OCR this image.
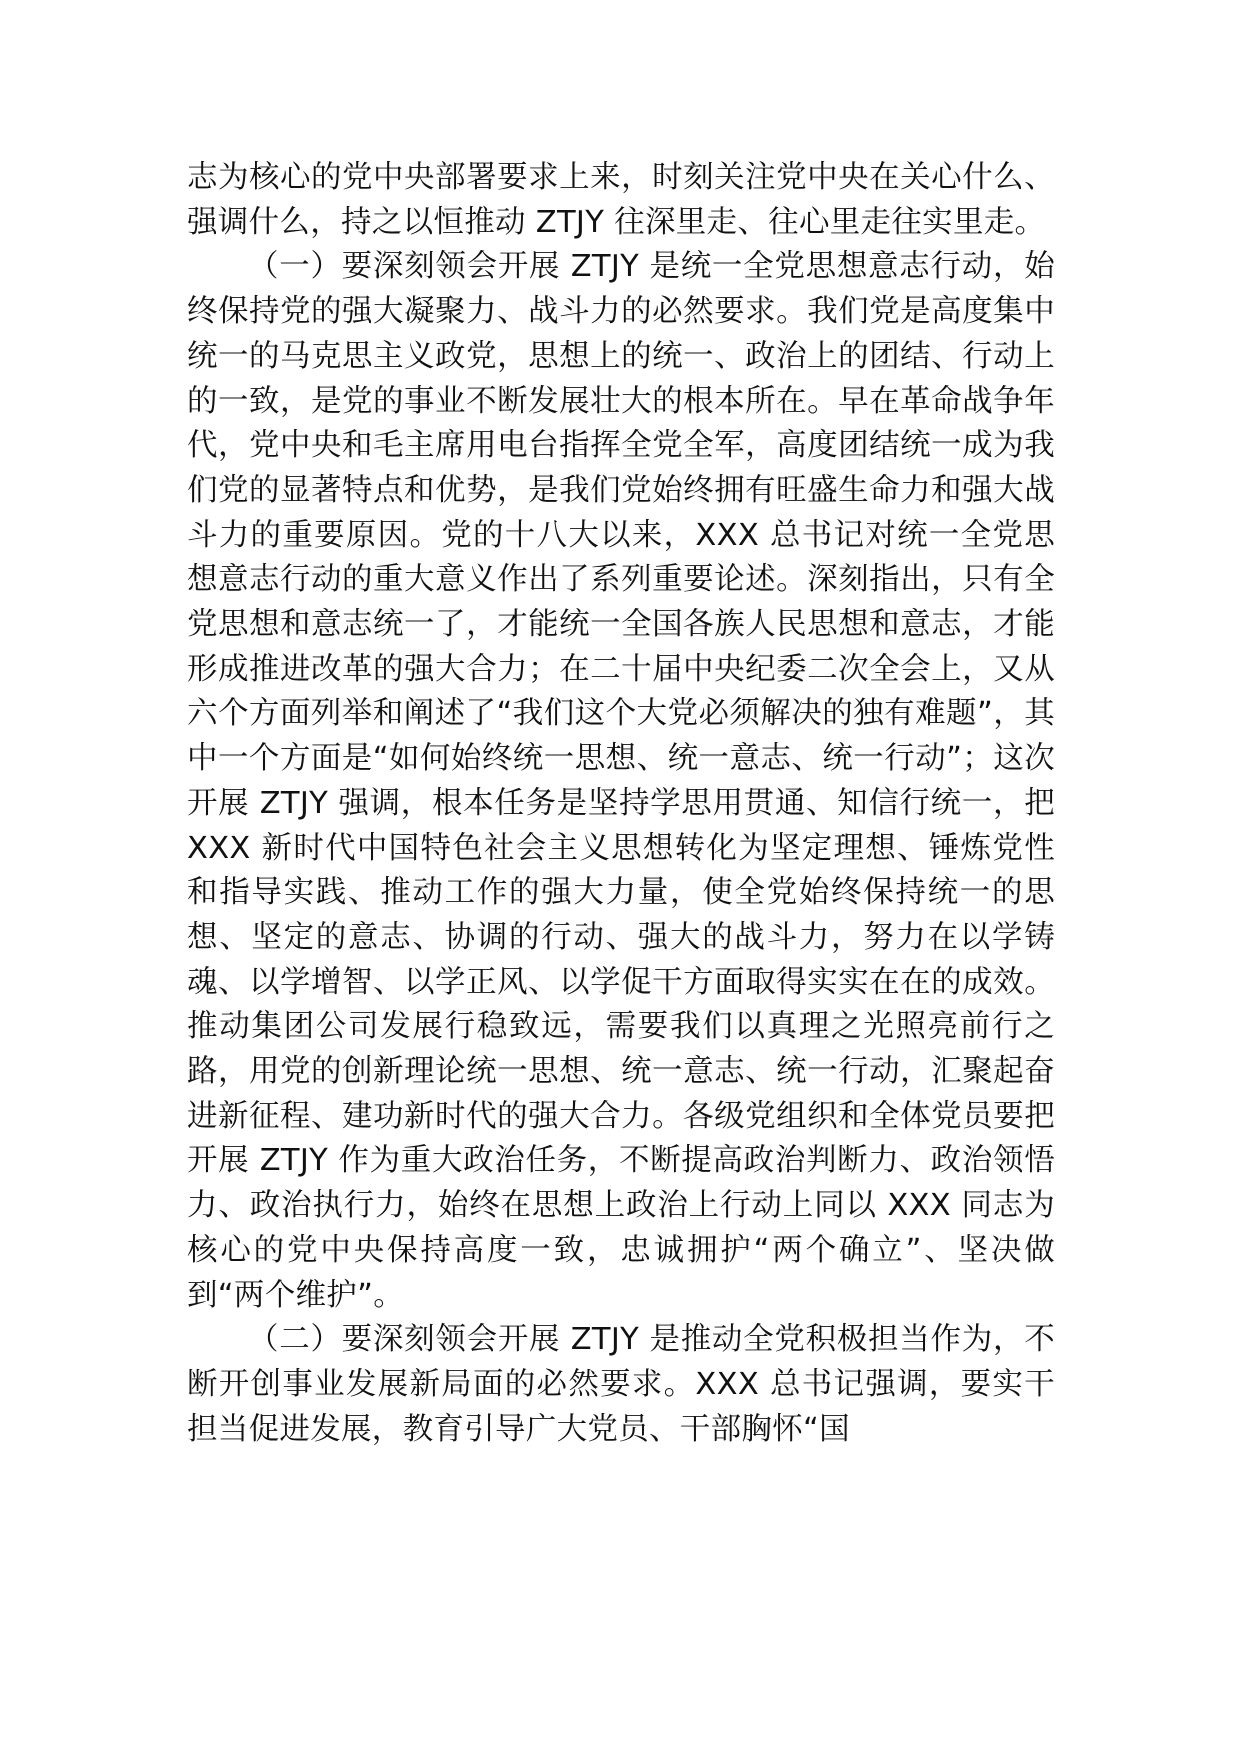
志为核心的党中央部署要求上来，时刻关注党中央在关心什么、强调什么，持之以恒推动 ZTJY 往深里走、往心里走往实里走。

（一）要深刻领会开展 ZTJY 是统一全党思想意志行动，始终保持党的强大凝聚力、战斗力的必然要求。我们党是高度集中统一的马克思主义政党，思想上的统一、政治上的团结、行动上的一致，是党的事业不断发展壮大的根本所在。早在革命战争年代，党中央和毛主席用电台指挥全党全军，高度团结统一成为我们党的显著特点和优势，是我们党始终拥有旺盛生命力和强大战斗力的重要原因。党的十八大以来，XXX 总书记对统一全党思想意志行动的重大意义作出了系列重要论述。深刻指出，只有全党思想和意志统一了，才能统一全国各族人民思想和意志，才能形成推进改革的强大合力；在二十届中央纪委二次全会上，又从六个方面列举和阐述了“我们这个大党必须解决的独有难题”，其中一个方面是“如何始终统一思想、统一意志、统一行动”；这次开展 ZTJY 强调，根本任务是坚持学思用贯通、知信行统一，把 XXX 新时代中国特色社会主义思想转化为坚定理想、锤炼党性和指导实践、推动工作的强大力量，使全党始终保持统一的思想、坚定的意志、协调的行动、强大的战斗力，努力在以学铸魂、以学增智、以学正风、以学促干方面取得实实在在的成效。推动集团公司发展行稳致远，需要我们以真理之光照亮前行之路，用党的创新理论统一思想、统一意志、统一行动，汇聚起奋进新征程、建功新时代的强大合力。各级党组织和全体党员要把开展 ZTJY 作为重大政治任务，不断提高政治判断力、政治领悟力、政治执行力，始终在思想上政治上行动上同以 XXX 同志为核心的党中央保持高度一致，忠诚拥护“两个确立”、坚决做到“两个维护”。

（二）要深刻领会开展 ZTJY 是推动全党积极担当作为，不断开创事业发展新局面的必然要求。XXX 总书记强调，要实干担当促进发展，教育引导广大党员、干部胸怀“国
